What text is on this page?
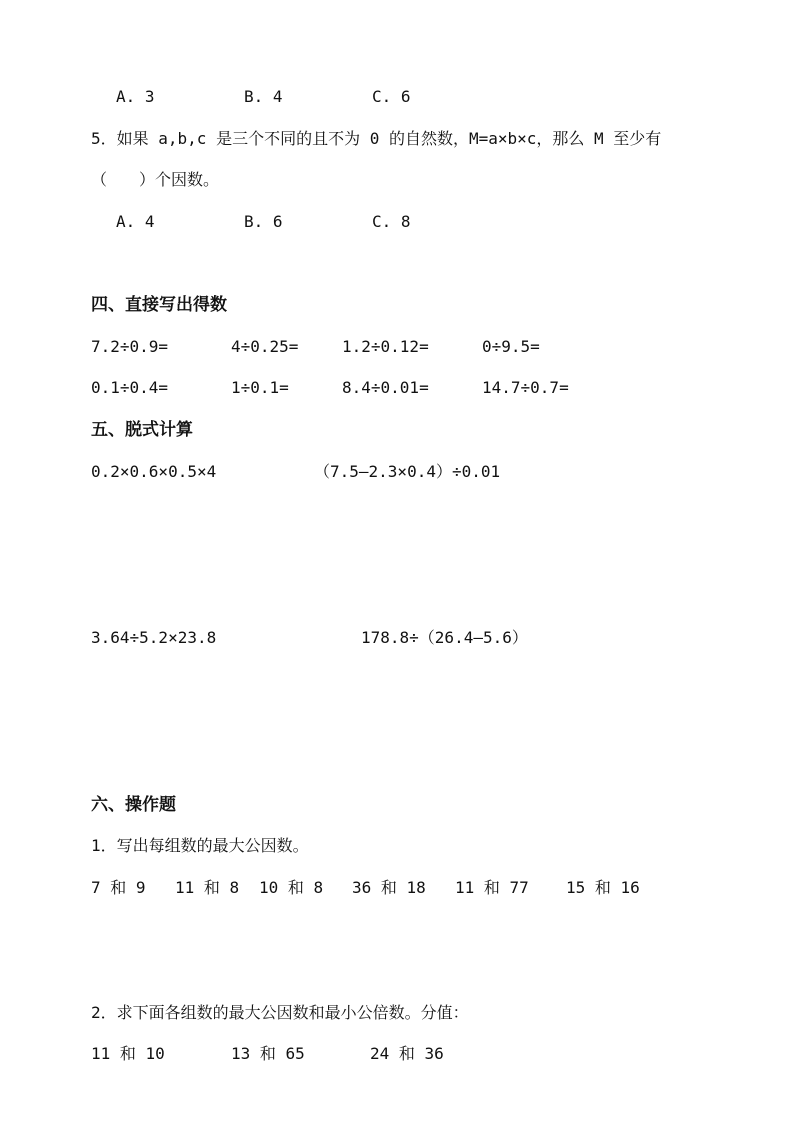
A. 3	B. 4	C. 6
5．如果 a,b,c 是三个不同的且不为 0 的自然数，M=a×b×c，那么 M 至少有
（　　）个因数。
A. 4	B. 6	C. 8
四、直接写出得数
7.2÷0.9=	4÷0.25=	1.2÷0.12=	0÷9.5=
0.1÷0.4=	1÷0.1=	8.4÷0.01=	14.7÷0.7=
五、脱式计算
0.2×0.6×0.5×4	（7.5—2.3×0.4）÷0.01
3.64÷5.2×23.8	178.8÷（26.4—5.6）
六、操作题
1．写出每组数的最大公因数。
7 和 9 11 和 8 10 和 8 36 和 18 11 和 77 15 和 16
2．求下面各组数的最大公因数和最小公倍数。分值：
11 和 10	13 和 65	24 和 36
